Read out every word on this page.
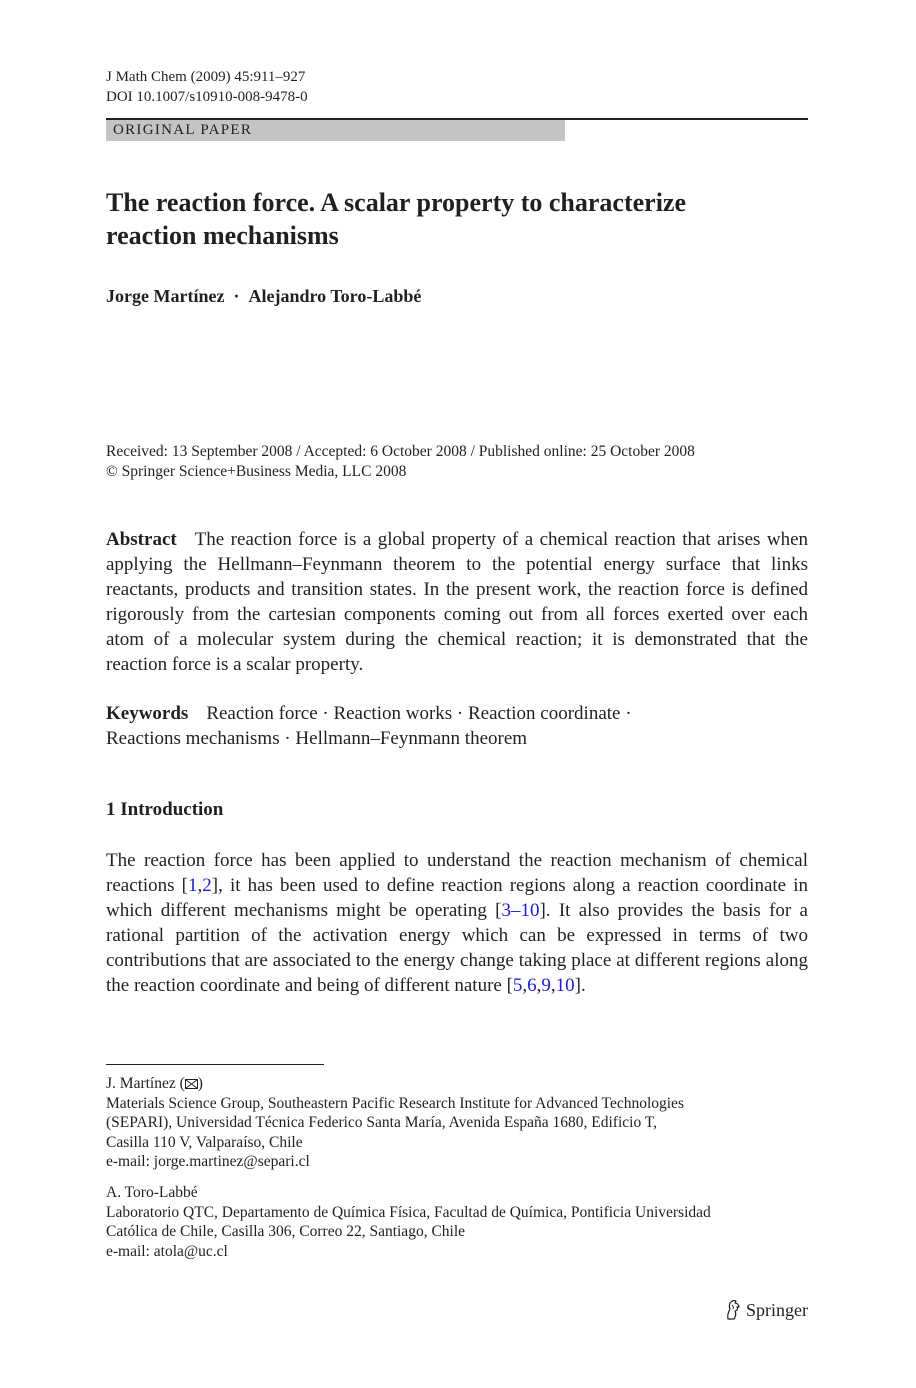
J Math Chem (2009) 45:911–927
DOI 10.1007/s10910-008-9478-0
ORIGINAL PAPER
The reaction force. A scalar property to characterize
reaction mechanisms
Jorge Martínez · Alejandro Toro-Labbé
Received: 13 September 2008 / Accepted: 6 October 2008 / Published online: 25 October 2008
© Springer Science+Business Media, LLC 2008
Abstract The reaction force is a global property of a chemical reaction that arises when applying the Hellmann–Feynmann theorem to the potential energy surface that links reactants, products and transition states. In the present work, the reaction force is defined rigorously from the cartesian components coming out from all forces exerted over each atom of a molecular system during the chemical reaction; it is demonstrated that the reaction force is a scalar property.
Keywords Reaction force · Reaction works · Reaction coordinate ·
Reactions mechanisms · Hellmann–Feynmann theorem
1 Introduction
The reaction force has been applied to understand the reaction mechanism of chemical reactions [1,2], it has been used to define reaction regions along a reaction coordinate in which different mechanisms might be operating [3–10]. It also provides the basis for a rational partition of the activation energy which can be expressed in terms of two contributions that are associated to the energy change taking place at different regions along the reaction coordinate and being of different nature [5,6,9,10].
J. Martínez ( )
Materials Science Group, Southeastern Pacific Research Institute for Advanced Technologies
(SEPARI), Universidad Técnica Federico Santa María, Avenida España 1680, Edificio T,
Casilla 110 V, Valparaíso, Chile
e-mail: jorge.martinez@separi.cl
A. Toro-Labbé
Laboratorio QTC, Departamento de Química Física, Facultad de Química, Pontificia Universidad
Católica de Chile, Casilla 306, Correo 22, Santiago, Chile
e-mail: atola@uc.cl
Springer
